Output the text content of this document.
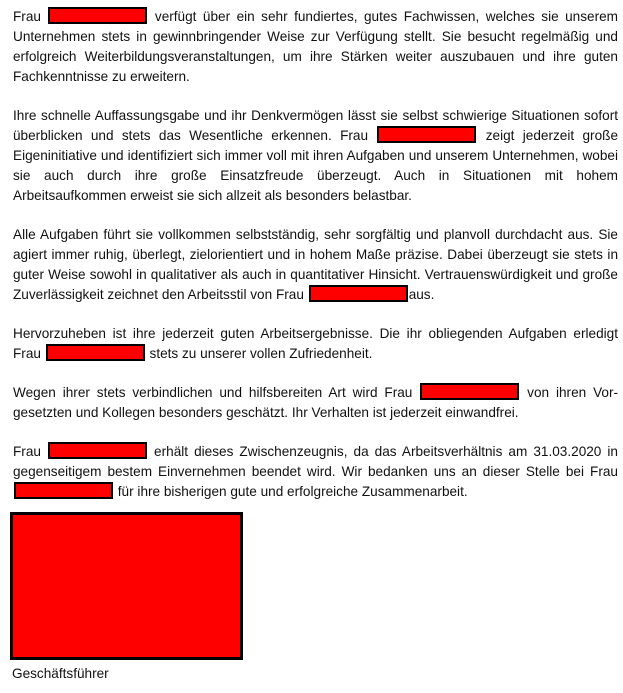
Frau	verfügt über ein sehr fundiertes, gutes Fachwissen, welches sie unserem Unternehmen stets in gewinnbringender Weise zur Verfügung stellt. Sie besucht regelmäßig und erfolgreich Weiterbildungsveranstaltungen, um ihre Stärken weiter auszubauen und ihre guten Fachkenntnisse zu erweitern.

Ihre schnelle Auffassungsgabe und ihr Denkvermögen lässt sie selbst schwierige Situationen sofort überblicken und stets das Wesentliche erkennen. Frau	zeigt jederzeit große Eigeninitiative und identifiziert sich immer voll mit ihren Aufgaben und unserem Unternehmen, wobei sie auch durch ihre große Einsatzfreude überzeugt. Auch in Situationen mit hohem Arbeitsaufkommen erweist sie sich allzeit als besonders belastbar.

Alle Aufgaben führt sie vollkommen selbstständig, sehr sorgfältig und planvoll durchdacht aus. Sie agiert immer ruhig, überlegt, zielorientiert und in hohem Maße präzise. Dabei überzeugt sie stets in guter Weise sowohl in qualitativer als auch in quantitativer Hinsicht. Vertrauenswürdigkeit und große Zuverlässigkeit zeichnet den Arbeitsstil von Frau	aus.

Hervorzuheben ist ihre jederzeit guten Arbeitsergebnisse. Die ihr obliegenden Aufgaben erledigt Frau	stets zu unserer vollen Zufriedenheit.

Wegen ihrer stets verbindlichen und hilfsbereiten Art wird Frau	von ihren Vorgesetzten und Kollegen besonders geschätzt. Ihr Verhalten ist jederzeit einwandfrei.

Frau	erhält dieses Zwischenzeugnis, da das Arbeitsverhältnis am 31.03.2020 in gegenseitigem bestem Einvernehmen beendet wird. Wir bedanken uns an dieser Stelle bei Frau  für ihre bisherigen gute und erfolgreiche Zusammenarbeit.

Geschäftsführer
